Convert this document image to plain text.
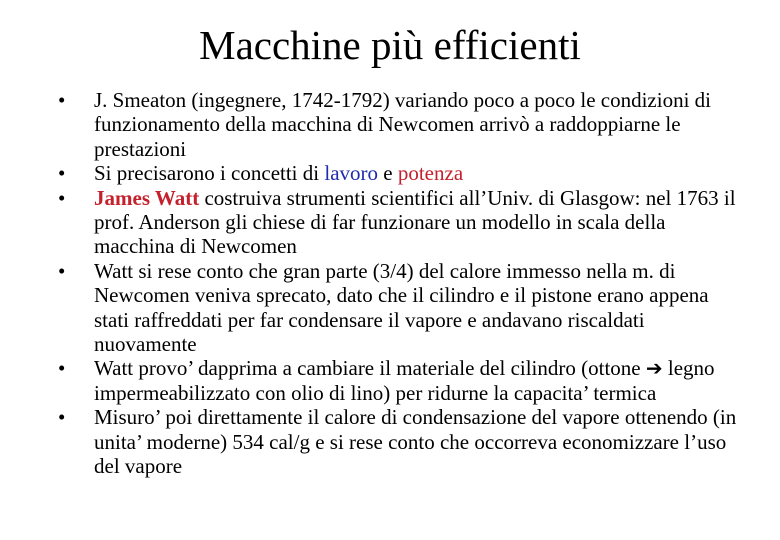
Macchine più efficienti
•	J. Smeaton (ingegnere, 1742-1792) variando poco a poco le condizioni di funzionamento della macchina di Newcomen arrivò a raddoppiarne le prestazioni
•	Si precisarono i concetti di lavoro e potenza
•	James Watt costruiva strumenti scientifici all’Univ. di Glasgow: nel 1763 il prof. Anderson gli chiese di far funzionare un modello in scala della macchina di Newcomen
•	Watt si rese conto che gran parte (3/4) del calore immesso nella m. di Newcomen veniva sprecato, dato che il cilindro e il pistone erano appena stati raffreddati per far condensare il vapore e andavano riscaldati nuovamente
•	Watt provo’ dapprima a cambiare il materiale del cilindro (ottone ➔ legno impermeabilizzato con olio di lino) per ridurne la capacita’ termica
•	Misuro’ poi direttamente il calore di condensazione del vapore ottenendo (in unita’ moderne) 534 cal/g e si rese conto che occorreva economizzare l’uso del vapore
